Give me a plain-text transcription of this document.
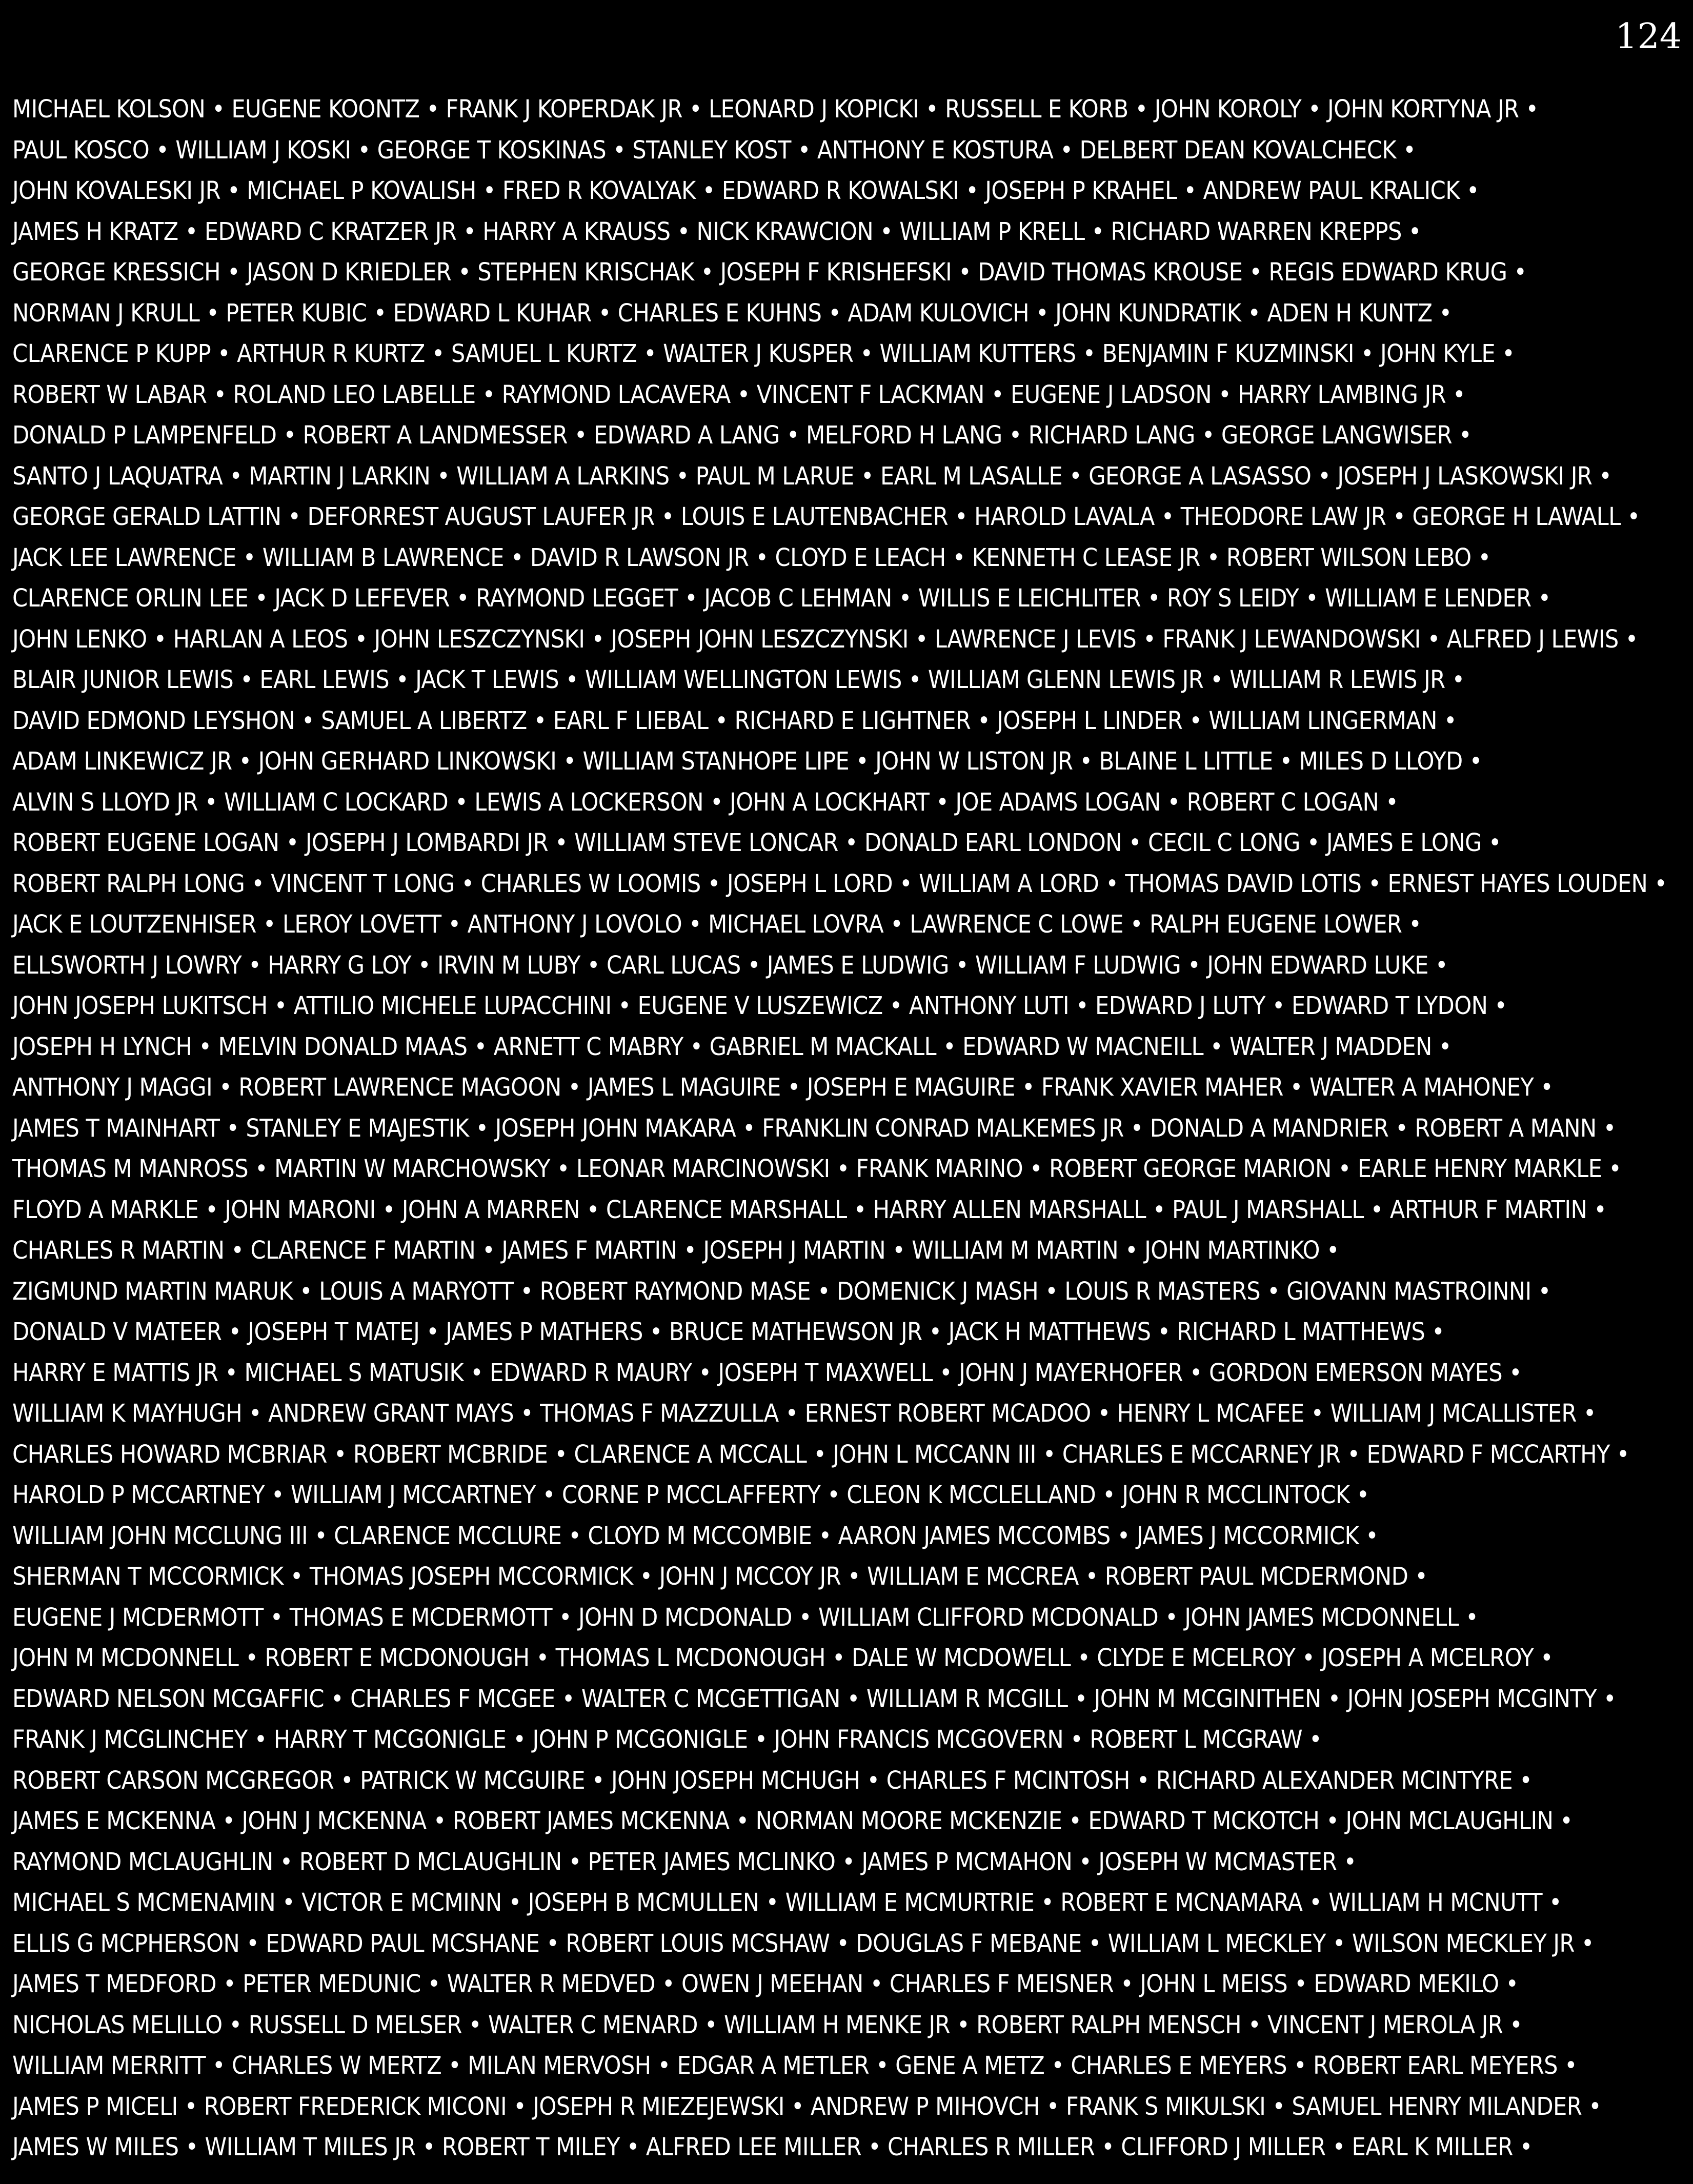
124
MICHAEL KOLSON • EUGENE KOONTZ • FRANK J KOPERDAK JR • LEONARD J KOPICKI • RUSSELL E KORB • JOHN KOROLY • JOHN KORTYNA JR •
PAUL KOSCO • WILLIAM J KOSKI • GEORGE T KOSKINAS • STANLEY KOST • ANTHONY E KOSTURA • DELBERT DEAN KOVALCHECK •
JOHN KOVALESKI JR • MICHAEL P KOVALISH • FRED R KOVALYAK • EDWARD R KOWALSKI • JOSEPH P KRAHEL • ANDREW PAUL KRALICK •
JAMES H KRATZ • EDWARD C KRATZER JR • HARRY A KRAUSS • NICK KRAWCION • WILLIAM P KRELL • RICHARD WARREN KREPPS •
GEORGE KRESSICH • JASON D KRIEDLER • STEPHEN KRISCHAK • JOSEPH F KRISHEFSKI • DAVID THOMAS KROUSE • REGIS EDWARD KRUG •
NORMAN J KRULL • PETER KUBIC • EDWARD L KUHAR • CHARLES E KUHNS • ADAM KULOVICH • JOHN KUNDRATIK • ADEN H KUNTZ •
CLARENCE P KUPP • ARTHUR R KURTZ • SAMUEL L KURTZ • WALTER J KUSPER • WILLIAM KUTTERS • BENJAMIN F KUZMINSKI • JOHN KYLE •
ROBERT W LABAR • ROLAND LEO LABELLE • RAYMOND LACAVERA • VINCENT F LACKMAN • EUGENE J LADSON • HARRY LAMBING JR •
DONALD P LAMPENFELD • ROBERT A LANDMESSER • EDWARD A LANG • MELFORD H LANG • RICHARD LANG • GEORGE LANGWISER •
SANTO J LAQUATRA • MARTIN J LARKIN • WILLIAM A LARKINS • PAUL M LARUE • EARL M LASALLE • GEORGE A LASASSO • JOSEPH J LASKOWSKI JR •
GEORGE GERALD LATTIN • DEFORREST AUGUST LAUFER JR • LOUIS E LAUTENBACHER • HAROLD LAVALA • THEODORE LAW JR • GEORGE H LAWALL •
JACK LEE LAWRENCE • WILLIAM B LAWRENCE • DAVID R LAWSON JR • CLOYD E LEACH • KENNETH C LEASE JR • ROBERT WILSON LEBO •
CLARENCE ORLIN LEE • JACK D LEFEVER • RAYMOND LEGGET • JACOB C LEHMAN • WILLIS E LEICHLITER • ROY S LEIDY • WILLIAM E LENDER •
JOHN LENKO • HARLAN A LEOS • JOHN LESZCZYNSKI • JOSEPH JOHN LESZCZYNSKI • LAWRENCE J LEVIS • FRANK J LEWANDOWSKI • ALFRED J LEWIS •
BLAIR JUNIOR LEWIS • EARL LEWIS • JACK T LEWIS • WILLIAM WELLINGTON LEWIS • WILLIAM GLENN LEWIS JR • WILLIAM R LEWIS JR •
DAVID EDMOND LEYSHON • SAMUEL A LIBERTZ • EARL F LIEBAL • RICHARD E LIGHTNER • JOSEPH L LINDER • WILLIAM LINGERMAN •
ADAM LINKEWICZ JR • JOHN GERHARD LINKOWSKI • WILLIAM STANHOPE LIPE • JOHN W LISTON JR • BLAINE L LITTLE • MILES D LLOYD •
ALVIN S LLOYD JR • WILLIAM C LOCKARD • LEWIS A LOCKERSON • JOHN A LOCKHART • JOE ADAMS LOGAN • ROBERT C LOGAN •
ROBERT EUGENE LOGAN • JOSEPH J LOMBARDI JR • WILLIAM STEVE LONCAR • DONALD EARL LONDON • CECIL C LONG • JAMES E LONG •
ROBERT RALPH LONG • VINCENT T LONG • CHARLES W LOOMIS • JOSEPH L LORD • WILLIAM A LORD • THOMAS DAVID LOTIS • ERNEST HAYES LOUDEN •
JACK E LOUTZENHISER • LEROY LOVETT • ANTHONY J LOVOLO • MICHAEL LOVRA • LAWRENCE C LOWE • RALPH EUGENE LOWER •
ELLSWORTH J LOWRY • HARRY G LOY • IRVIN M LUBY • CARL LUCAS • JAMES E LUDWIG • WILLIAM F LUDWIG • JOHN EDWARD LUKE •
JOHN JOSEPH LUKITSCH • ATTILIO MICHELE LUPACCHINI • EUGENE V LUSZEWICZ • ANTHONY LUTI • EDWARD J LUTY • EDWARD T LYDON •
JOSEPH H LYNCH • MELVIN DONALD MAAS • ARNETT C MABRY • GABRIEL M MACKALL • EDWARD W MACNEILL • WALTER J MADDEN •
ANTHONY J MAGGI • ROBERT LAWRENCE MAGOON • JAMES L MAGUIRE • JOSEPH E MAGUIRE • FRANK XAVIER MAHER • WALTER A MAHONEY •
JAMES T MAINHART • STANLEY E MAJESTIK • JOSEPH JOHN MAKARA • FRANKLIN CONRAD MALKEMES JR • DONALD A MANDRIER • ROBERT A MANN •
THOMAS M MANROSS • MARTIN W MARCHOWSKY • LEONAR MARCINOWSKI • FRANK MARINO • ROBERT GEORGE MARION • EARLE HENRY MARKLE •
FLOYD A MARKLE • JOHN MARONI • JOHN A MARREN • CLARENCE MARSHALL • HARRY ALLEN MARSHALL • PAUL J MARSHALL • ARTHUR F MARTIN •
CHARLES R MARTIN • CLARENCE F MARTIN • JAMES F MARTIN • JOSEPH J MARTIN • WILLIAM M MARTIN • JOHN MARTINKO •
ZIGMUND MARTIN MARUK • LOUIS A MARYOTT • ROBERT RAYMOND MASE • DOMENICK J MASH • LOUIS R MASTERS • GIOVANN MASTROINNI •
DONALD V MATEER • JOSEPH T MATEJ • JAMES P MATHERS • BRUCE MATHEWSON JR • JACK H MATTHEWS • RICHARD L MATTHEWS •
HARRY E MATTIS JR • MICHAEL S MATUSIK • EDWARD R MAURY • JOSEPH T MAXWELL • JOHN J MAYERHOFER • GORDON EMERSON MAYES •
WILLIAM K MAYHUGH • ANDREW GRANT MAYS • THOMAS F MAZZULLA • ERNEST ROBERT MCADOO • HENRY L MCAFEE • WILLIAM J MCALLISTER •
CHARLES HOWARD MCBRIAR • ROBERT MCBRIDE • CLARENCE A MCCALL • JOHN L MCCANN III • CHARLES E MCCARNEY JR • EDWARD F MCCARTHY •
HAROLD P MCCARTNEY • WILLIAM J MCCARTNEY • CORNE P MCCLAFFERTY • CLEON K MCCLELLAND • JOHN R MCCLINTOCK •
WILLIAM JOHN MCCLUNG III • CLARENCE MCCLURE • CLOYD M MCCOMBIE • AARON JAMES MCCOMBS • JAMES J MCCORMICK •
SHERMAN T MCCORMICK • THOMAS JOSEPH MCCORMICK • JOHN J MCCOY JR • WILLIAM E MCCREA • ROBERT PAUL MCDERMOND •
EUGENE J MCDERMOTT • THOMAS E MCDERMOTT • JOHN D MCDONALD • WILLIAM CLIFFORD MCDONALD • JOHN JAMES MCDONNELL •
JOHN M MCDONNELL • ROBERT E MCDONOUGH • THOMAS L MCDONOUGH • DALE W MCDOWELL • CLYDE E MCELROY • JOSEPH A MCELROY •
EDWARD NELSON MCGAFFIC • CHARLES F MCGEE • WALTER C MCGETTIGAN • WILLIAM R MCGILL • JOHN M MCGINITHEN • JOHN JOSEPH MCGINTY •
FRANK J MCGLINCHEY • HARRY T MCGONIGLE • JOHN P MCGONIGLE • JOHN FRANCIS MCGOVERN • ROBERT L MCGRAW •
ROBERT CARSON MCGREGOR • PATRICK W MCGUIRE • JOHN JOSEPH MCHUGH • CHARLES F MCINTOSH • RICHARD ALEXANDER MCINTYRE •
JAMES E MCKENNA • JOHN J MCKENNA • ROBERT JAMES MCKENNA • NORMAN MOORE MCKENZIE • EDWARD T MCKOTCH • JOHN MCLAUGHLIN •
RAYMOND MCLAUGHLIN • ROBERT D MCLAUGHLIN • PETER JAMES MCLINKO • JAMES P MCMAHON • JOSEPH W MCMASTER •
MICHAEL S MCMENAMIN • VICTOR E MCMINN • JOSEPH B MCMULLEN • WILLIAM E MCMURTRIE • ROBERT E MCNAMARA • WILLIAM H MCNUTT •
ELLIS G MCPHERSON • EDWARD PAUL MCSHANE • ROBERT LOUIS MCSHAW • DOUGLAS F MEBANE • WILLIAM L MECKLEY • WILSON MECKLEY JR •
JAMES T MEDFORD • PETER MEDUNIC • WALTER R MEDVED • OWEN J MEEHAN • CHARLES F MEISNER • JOHN L MEISS • EDWARD MEKILO •
NICHOLAS MELILLO • RUSSELL D MELSER • WALTER C MENARD • WILLIAM H MENKE JR • ROBERT RALPH MENSCH • VINCENT J MEROLA JR •
WILLIAM MERRITT • CHARLES W MERTZ • MILAN MERVOSH • EDGAR A METLER • GENE A METZ • CHARLES E MEYERS • ROBERT EARL MEYERS •
JAMES P MICELI • ROBERT FREDERICK MICONI • JOSEPH R MIEZEJEWSKI • ANDREW P MIHOVCH • FRANK S MIKULSKI • SAMUEL HENRY MILANDER •
JAMES W MILES • WILLIAM T MILES JR • ROBERT T MILEY • ALFRED LEE MILLER • CHARLES R MILLER • CLIFFORD J MILLER • EARL K MILLER •
